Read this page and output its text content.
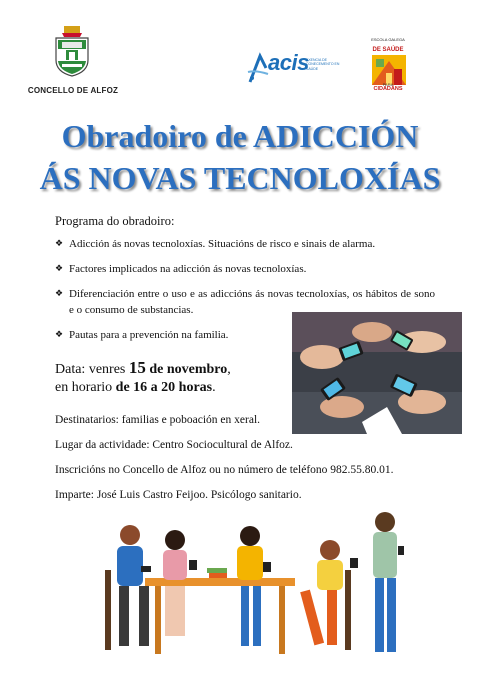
CONCELLO DE ALFOZ
acis
AXENCIA DE CONECEMENTO EN SAÚDE
ESCOLA GALEGA
DE SAÚDE
PARA
CIDADÁNS
Obradoiro de ADICCIÓN
ÁS NOVAS TECNOLOXÍAS
Programa do obradoiro:
❖ Adicción ás novas tecnoloxías. Situacións de risco e sinais de alarma.
❖ Factores implicados na adicción ás novas tecnoloxías.
❖ Diferenciación entre o uso e as adiccións ás novas tecnoloxías, os hábitos de sono e o consumo de substancias.
❖ Pautas para a prevención na familia.
Data: venres 15 de novembro,
en horario de 16 a 20 horas.
Destinatarios: familias e poboación en xeral.
Lugar da actividade: Centro Sociocultural de Alfoz.
Inscricións no Concello de Alfoz ou no número de teléfono 982.55.80.01.
Imparte: José Luis Castro Feijoo. Psicólogo sanitario.
